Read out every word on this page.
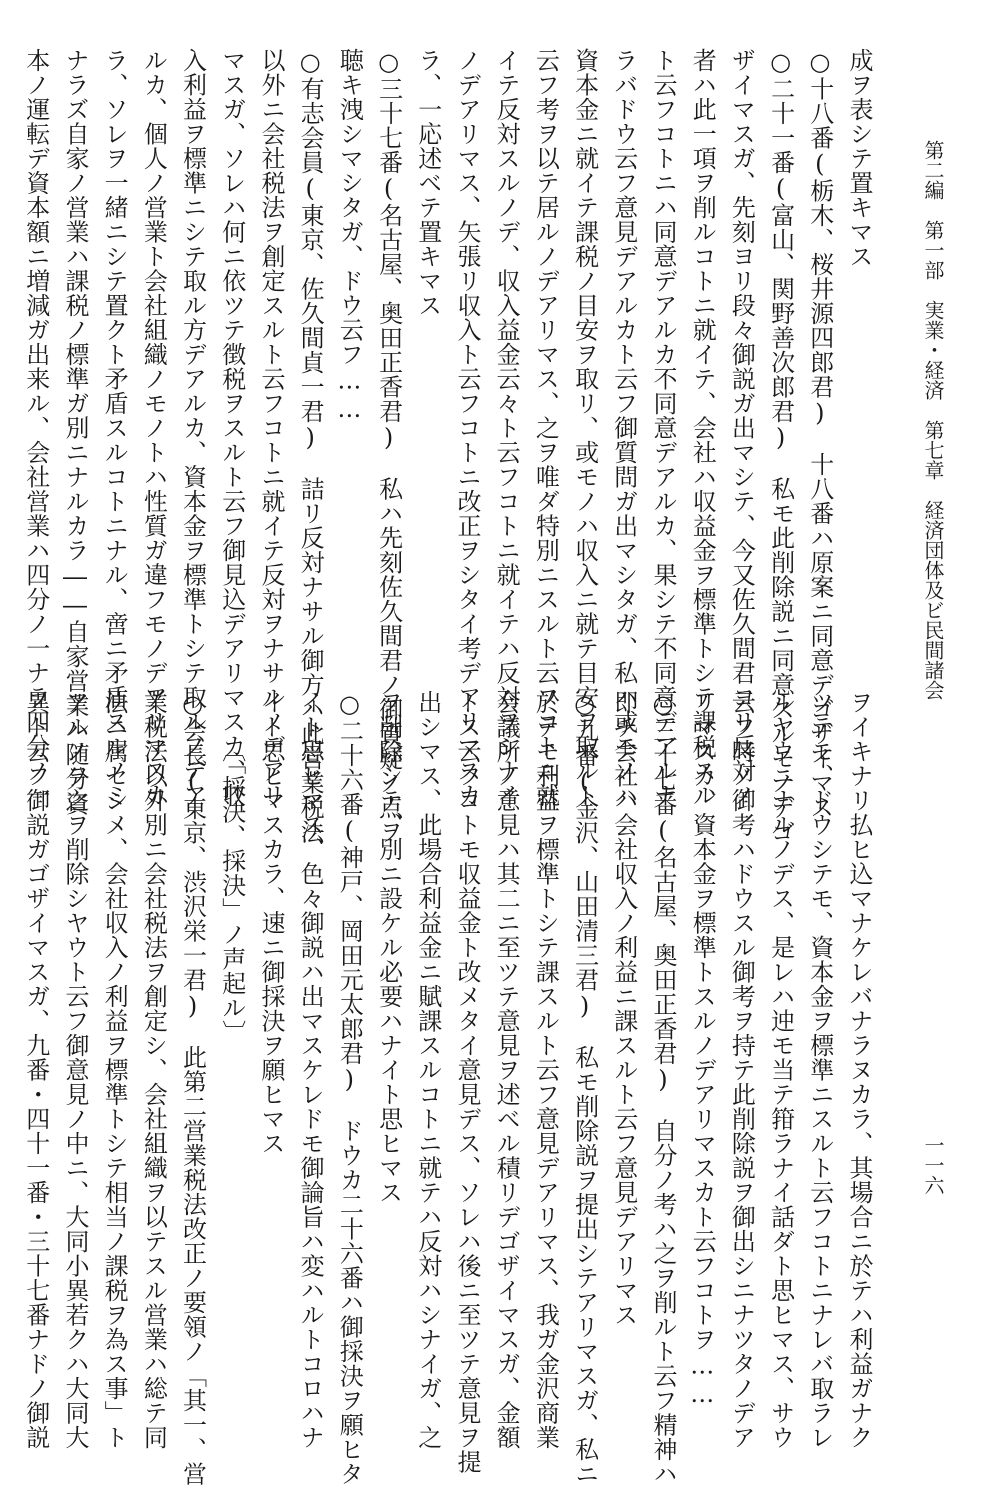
第二編　第一部　実業・経済　第七章　経済団体及ビ民間諸会
一一六
成ヲ表シテ置キマス
○十八番(栃木、桜井源四郎君)　十八番ハ原案ニ同意デゴザイマス
○二十一番(富山、関野善次郎君)　私モ此削除説ニ同意スルモノデゴ
ザイマスガ、先刻ヨリ段々御説ガ出マシテ、今又佐久間君ヨリ反対ノ
者ハ此一項ヲ削ルコトニ就イテ、会社ハ収益金ヲ標準トシテ課税スル
ト云フコトニハ同意デアルカ不同意デアルカ、果シテ不同意デアルナ
ラバドウ云フ意見デアルカト云フ御質問ガ出マシタガ、私ハ或モノハ
資本金ニ就イテ課税ノ目安ヲ取リ、或モノハ収入ニ就テ目安ヲ取ルト
云フ考ヲ以テ居ルノデアリマス、之ヲ唯ダ特別ニスルト云フコトニ就
イテ反対スルノデ、収入益金云々ト云フコトニ就イテハ反対ヲシナイ
ノデアリマス、矢張リ収入ト云フコトニ改正ヲシタイ考デアリマスカ
ラ、一応述ベテ置キマス
○三十七番(名古屋、奥田正香君)　私ハ先刻佐久間君ノ御質疑ノ点ヲ
聴キ洩シマシタガ、ドウ云フ……
○有志会員(東京、佐久間貞一君)　詰リ反対ナサル御方ハ此営業税法
以外ニ会社税法ヲ創定スルト云フコトニ就イテ反対ヲナサルノデアリ
マスガ、ソレハ何ニ依ツテ徴税ヲスルト云フ御見込デアリマスカ、収
入利益ヲ標準ニシテ取ル方デアルカ、資本金ヲ標準トシテ取ルノデア
ルカ、個人ノ営業ト会社組織ノモノトハ性質ガ違フモノデアリマスカ
ラ、ソレヲ一緒ニシテ置クト矛盾スルコトニナル、啻ニ矛盾スルノミ
ナラズ自家ノ営業ハ課税ノ標準ガ別ニナルカラ――自家営業ハ随分資
本ノ運転デ資本額ニ増減ガ出来ル、会社営業ハ四分ノ一ナラ四分ノ一
ヲイキナリ払ヒ込マナケレバナラヌカラ、其場合ニ於テハ利益ガナク
ツテモ、ドウシテモ、資本金ヲ標準ニスルト云フコトニナレバ取ラレ
ルヤウニナルノデス、是レハ迚モ当テ箝ラナイ話ダト思ヒマス、サウ
云フ時ノ御考ハドウスル御考ヲ持テ此削除説ヲ御出シニナツタノデア
リマスカ、資本金ヲ標準トスルノデアリマスカト云フコトヲ……
○三十七番(名古屋、奥田正香君)　自分ノ考ハ之ヲ削ルト云フ精神ハ
即チ会社ハ会社収入ノ利益ニ課スルト云フ意見デアリマス
○九番(金沢、山田清三君)　私モ削除説ヲ提出シテアリマスガ、私ニ
於テモ利益ヲ標準トシテ課スルト云フ意見デアリマス、我ガ金沢商業
会議所ノ意見ハ其二ニ至ツテ意見ヲ述ベル積リデゴザイマスガ、金額
トス云フコトモ収益金ト改メタイ意見デス、ソレハ後ニ至ツテ意見ヲ提
出シマス、此場合利益金ニ賦課スルコトニ就テハ反対ハシナイガ、之
ヲ削除シテ、別ニ設ケル必要ハナイト思ヒマス
○二十六番(神戸、岡田元太郎君)　ドウカ二十六番ハ御採決ヲ願ヒタ
イト思ヒマス、色々御説ハ出マスケレドモ御論旨ハ変ハルトコロハナ
イト思ヒマスカラ、速ニ御採決ヲ願ヒマス
〔「採決、採決」ノ声起ル〕
○会長(東京、渋沢栄一君)　此第二営業税法改正ノ要領ノ「其一、営
業税法以外別ニ会社税法ヲ創定シ、会社組織ヲ以テスル営業ハ総テ同
法ニ属セシメ、会社収入ノ利益ヲ標準トシテ相当ノ課税ヲ為ス事」ト
アルノヲ之ヲ削除シヤウト云フ御意見ノ中ニ、大同小異若クハ大同大
異ト云フ御説ガゴザイマスガ、九番・四十一番・三十七番ナドノ御説
